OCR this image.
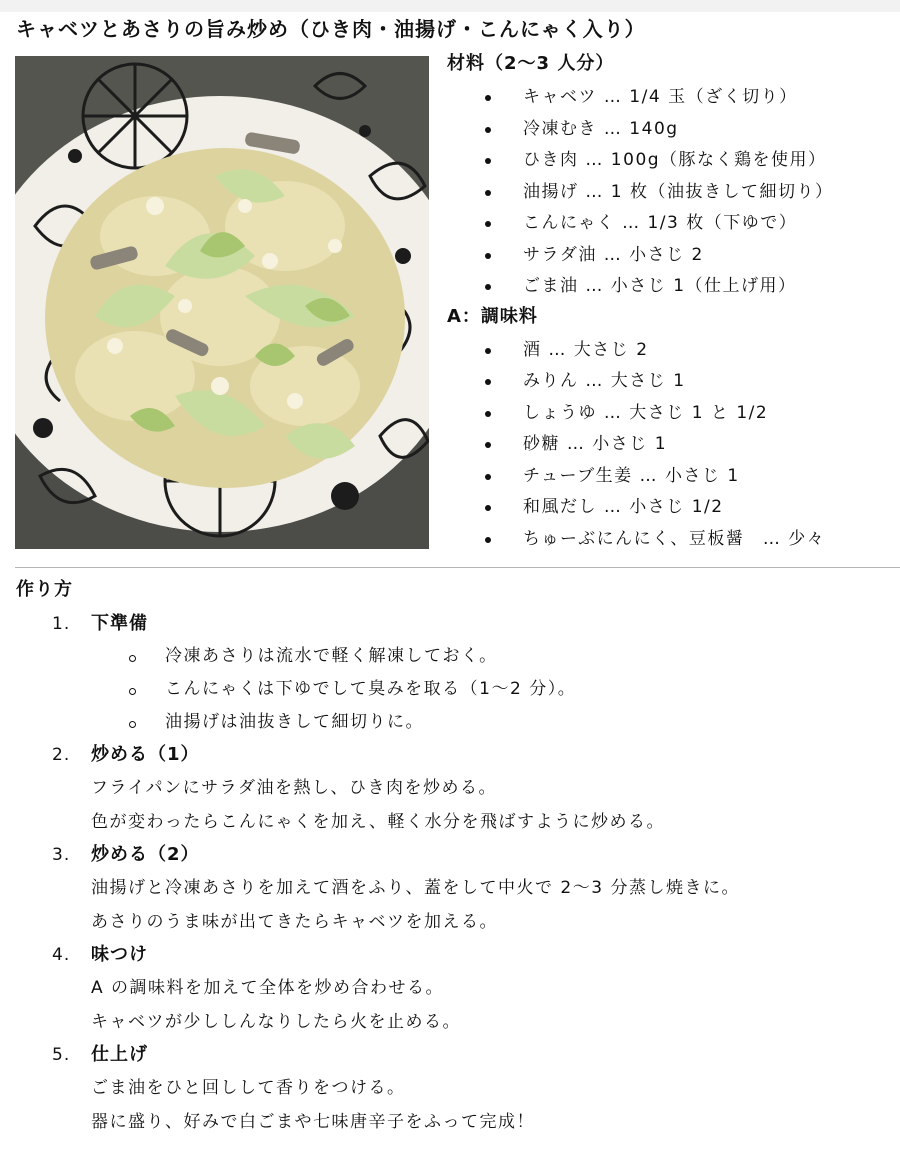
キャベツとあさりの旨み炒め（ひき肉・油揚げ・こんにゃく入り）
材料（2〜3 人分）
キャベツ … 1/4 玉（ざく切り）
冷凍むき … 140g
ひき肉 … 100g（豚なく鶏を使用）
油揚げ … 1 枚（油抜きして細切り）
こんにゃく … 1/3 枚（下ゆで）
サラダ油 … 小さじ 2
ごま油 … 小さじ 1（仕上げ用）
A：調味料
酒 … 大さじ 2
みりん … 大さじ 1
しょうゆ … 大さじ 1 と 1/2
砂糖 … 小さじ 1
チューブ生姜 … 小さじ 1
和風だし … 小さじ 1/2
ちゅーぶにんにく、豆板醤　… 少々
作り方
1. 下準備
冷凍あさりは流水で軽く解凍しておく。
こんにゃくは下ゆでして臭みを取る（1〜2 分）。
油揚げは油抜きして細切りに。
2. 炒める（1）
フライパンにサラダ油を熱し、ひき肉を炒める。
色が変わったらこんにゃくを加え、軽く水分を飛ばすように炒める。
3. 炒める（2）
油揚げと冷凍あさりを加えて酒をふり、蓋をして中火で 2〜3 分蒸し焼きに。
あさりのうま味が出てきたらキャベツを加える。
4. 味つけ
A の調味料を加えて全体を炒め合わせる。
キャベツが少ししんなりしたら火を止める。
5. 仕上げ
ごま油をひと回しして香りをつける。
器に盛り、好みで白ごまや七味唐辛子をふって完成！
